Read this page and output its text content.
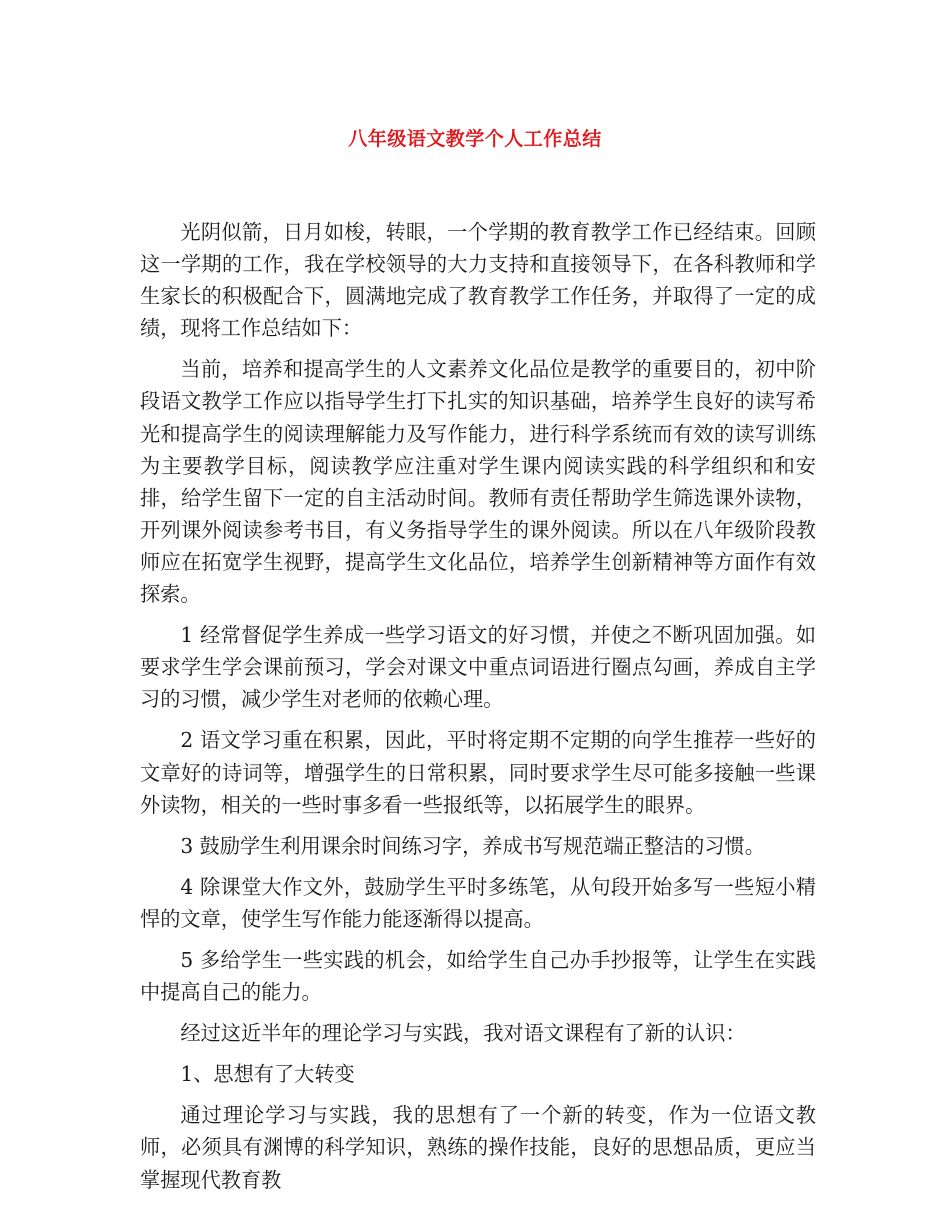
八年级语文教学个人工作总结

光阴似箭，日月如梭，转眼，一个学期的教育教学工作已经结束。回顾这一学期的工作，我在学校领导的大力支持和直接领导下，在各科教师和学生家长的积极配合下，圆满地完成了教育教学工作任务，并取得了一定的成绩，现将工作总结如下：

当前，培养和提高学生的人文素养文化品位是教学的重要目的，初中阶段语文教学工作应以指导学生打下扎实的知识基础，培养学生良好的读写希光和提高学生的阅读理解能力及写作能力，进行科学系统而有效的读写训练为主要教学目标，阅读教学应注重对学生课内阅读实践的科学组织和和安排，给学生留下一定的自主活动时间。教师有责任帮助学生筛选课外读物，开列课外阅读参考书目，有义务指导学生的课外阅读。所以在八年级阶段教师应在拓宽学生视野，提高学生文化品位，培养学生创新精神等方面作有效探索。

1 经常督促学生养成一些学习语文的好习惯，并使之不断巩固加强。如要求学生学会课前预习，学会对课文中重点词语进行圈点勾画，养成自主学习的习惯，减少学生对老师的依赖心理。

2 语文学习重在积累，因此，平时将定期不定期的向学生推荐一些好的文章好的诗词等，增强学生的日常积累，同时要求学生尽可能多接触一些课外读物，相关的一些时事多看一些报纸等，以拓展学生的眼界。

3 鼓励学生利用课余时间练习字，养成书写规范端正整洁的习惯。

4 除课堂大作文外，鼓励学生平时多练笔，从句段开始多写一些短小精悍的文章，使学生写作能力能逐渐得以提高。

5 多给学生一些实践的机会，如给学生自己办手抄报等，让学生在实践中提高自己的能力。

经过这近半年的理论学习与实践，我对语文课程有了新的认识：

1、思想有了大转变

通过理论学习与实践，我的思想有了一个新的转变，作为一位语文教师，必须具有渊博的科学知识，熟练的操作技能，良好的思想品质，更应当掌握现代教育教
